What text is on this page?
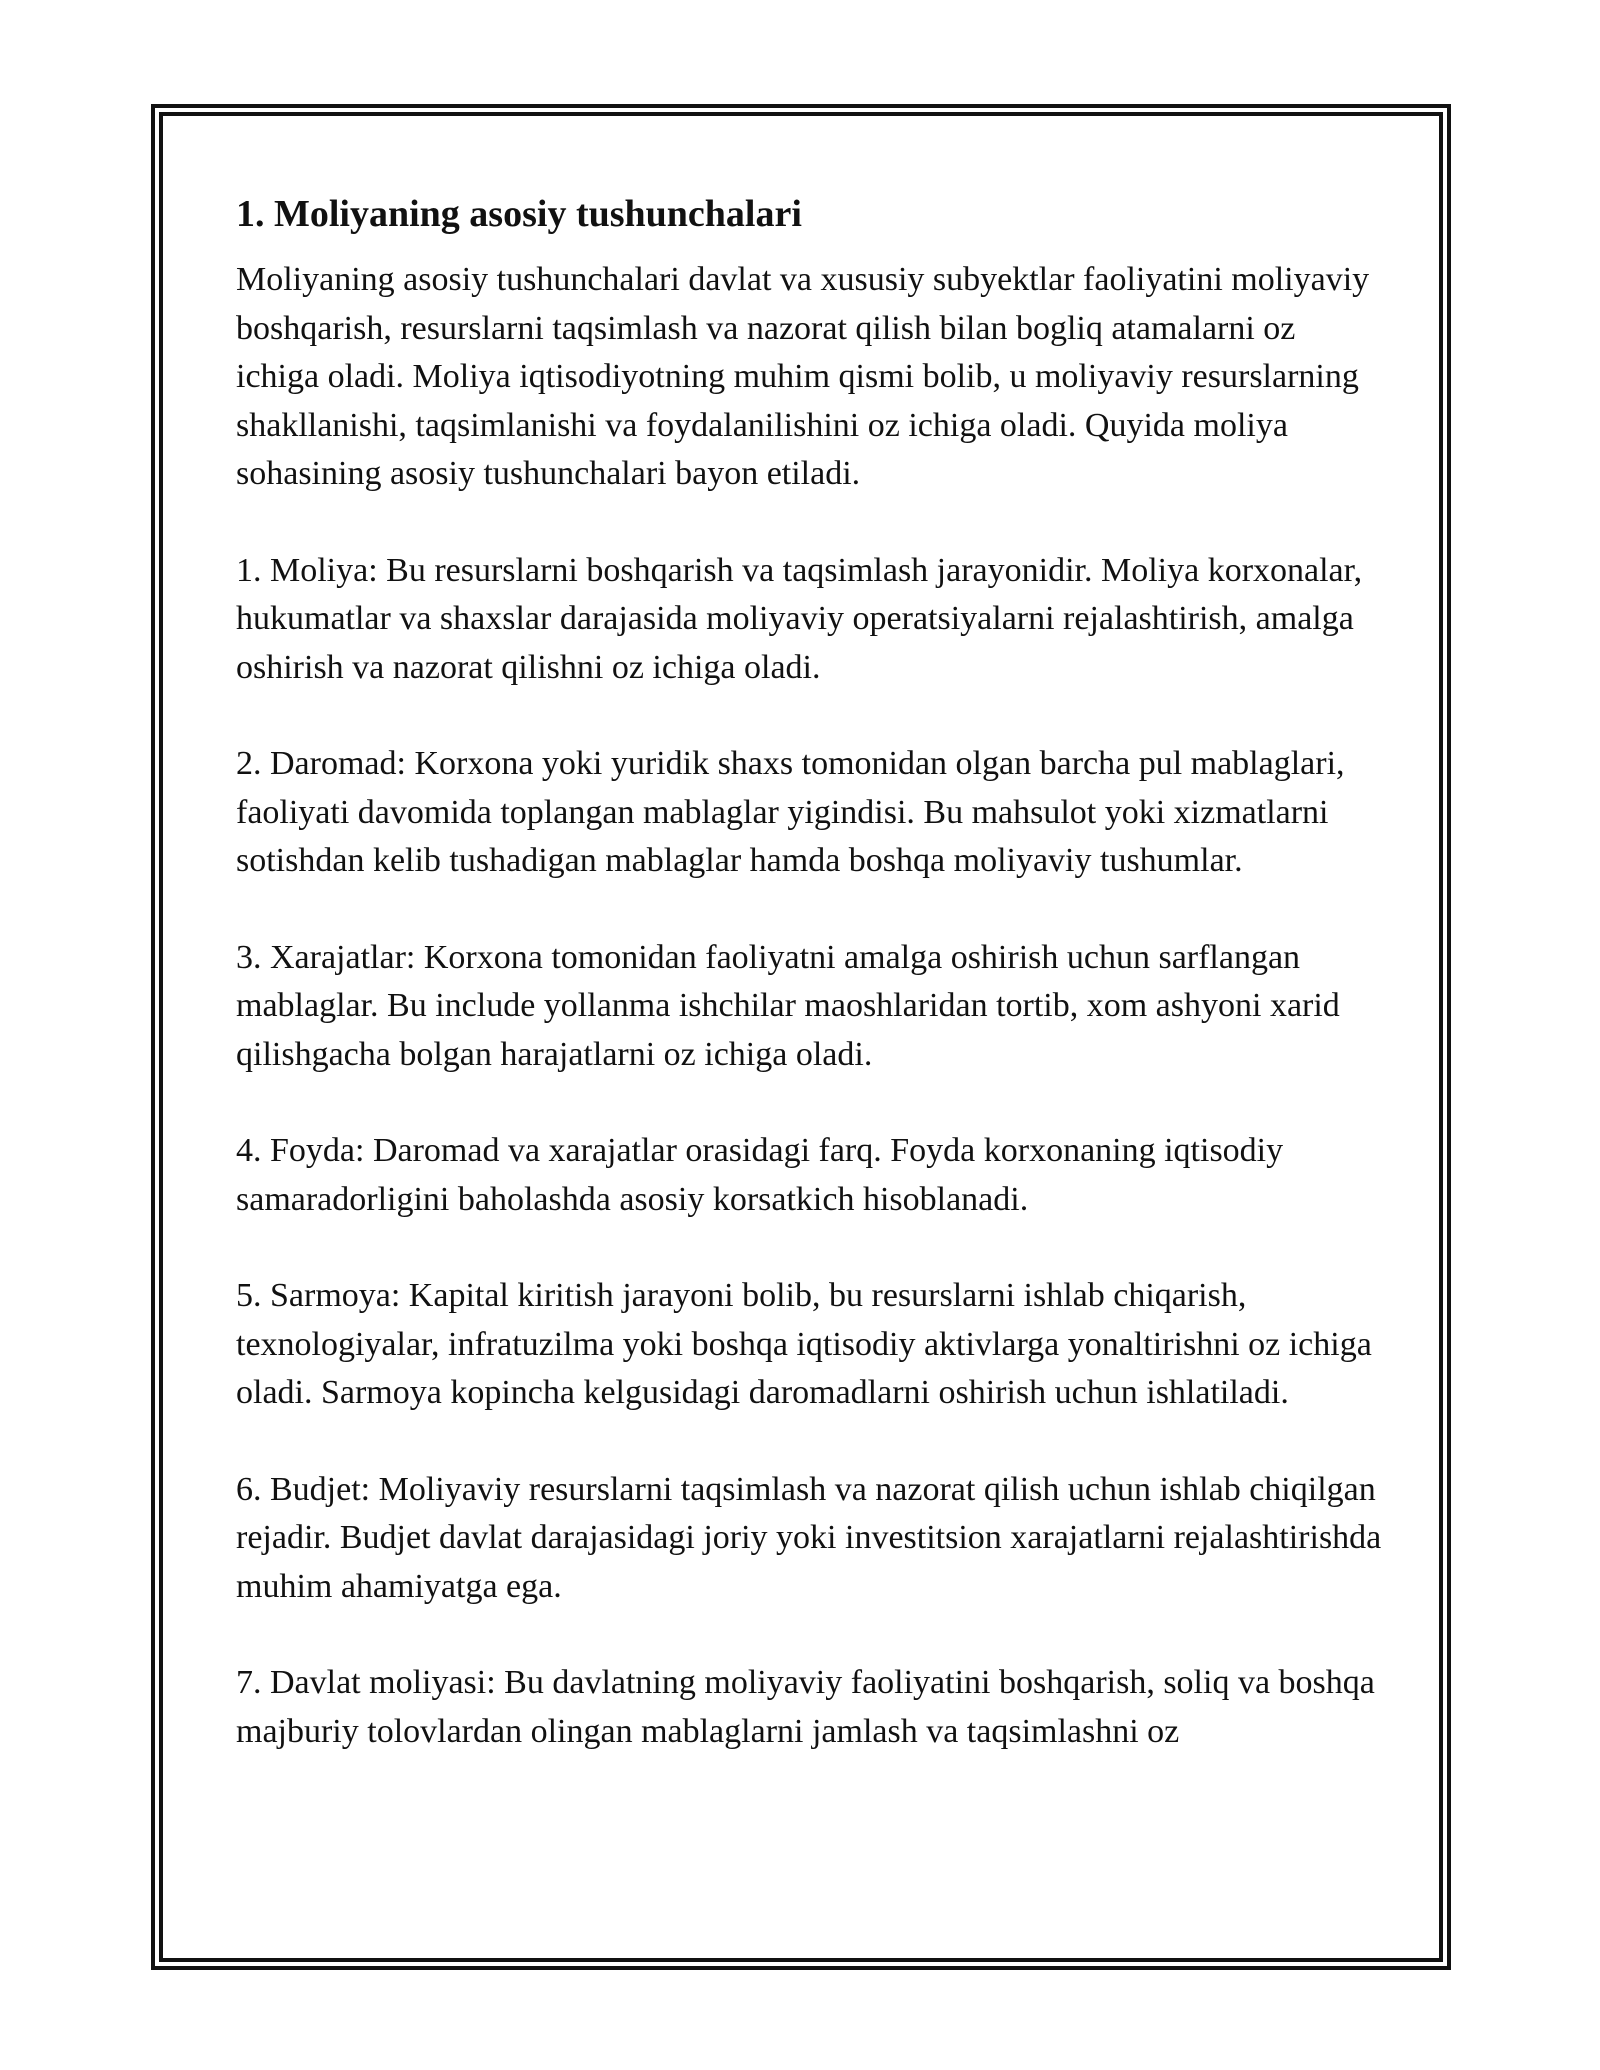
1. Moliyaning asosiy tushunchalari

Moliyaning asosiy tushunchalari davlat va xususiy subyektlar faoliyatini moliyaviy boshqarish, resurslarni taqsimlash va nazorat qilish bilan bogliq atamalarni oz ichiga oladi. Moliya iqtisodiyotning muhim qismi bolib, u moliyaviy resurslarning shakllanishi, taqsimlanishi va foydalanilishini oz ichiga oladi. Quyida moliya sohasining asosiy tushunchalari bayon etiladi.

1. Moliya: Bu resurslarni boshqarish va taqsimlash jarayonidir. Moliya korxonalar, hukumatlar va shaxslar darajasida moliyaviy operatsiyalarni rejalashtirish, amalga oshirish va nazorat qilishni oz ichiga oladi.

2. Daromad: Korxona yoki yuridik shaxs tomonidan olgan barcha pul mablaglari, faoliyati davomida toplangan mablaglar yigindisi. Bu mahsulot yoki xizmatlarni sotishdan kelib tushadigan mablaglar hamda boshqa moliyaviy tushumlar.

3. Xarajatlar: Korxona tomonidan faoliyatni amalga oshirish uchun sarflangan mablaglar. Bu include yollanma ishchilar maoshlaridan tortib, xom ashyoni xarid qilishgacha bolgan harajatlarni oz ichiga oladi.

4. Foyda: Daromad va xarajatlar orasidagi farq. Foyda korxonaning iqtisodiy samaradorligini baholashda asosiy korsatkich hisoblanadi.

5. Sarmoya: Kapital kiritish jarayoni bolib, bu resurslarni ishlab chiqarish, texnologiyalar, infratuzilma yoki boshqa iqtisodiy aktivlarga yonaltirishni oz ichiga oladi. Sarmoya kopincha kelgusidagi daromadlarni oshirish uchun ishlatiladi.

6. Budjet: Moliyaviy resurslarni taqsimlash va nazorat qilish uchun ishlab chiqilgan rejadir. Budjet davlat darajasidagi joriy yoki investitsion xarajatlarni rejalashtirishda muhim ahamiyatga ega.

7. Davlat moliyasi: Bu davlatning moliyaviy faoliyatini boshqarish, soliq va boshqa majburiy tolovlardan olingan mablaglarni jamlash va taqsimlashni oz
